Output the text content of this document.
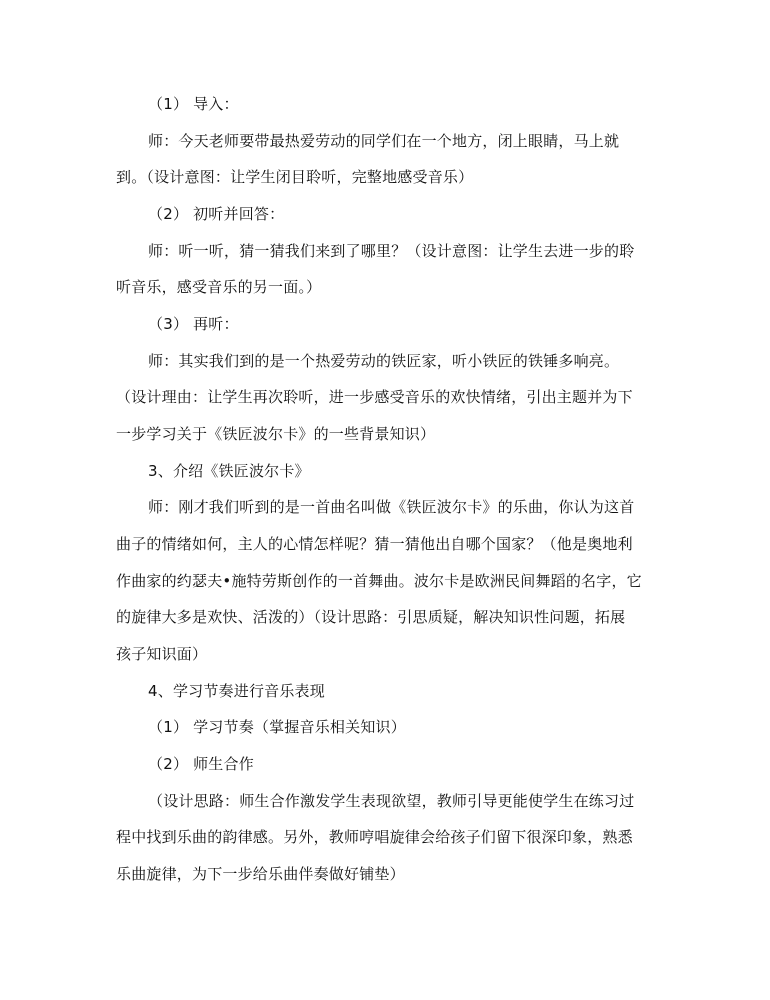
（1） 导入：
师：今天老师要带最热爱劳动的同学们在一个地方，闭上眼睛，马上就
到。（设计意图：让学生闭目聆听，完整地感受音乐）
（2） 初听并回答：
师：听一听，猜一猜我们来到了哪里？（设计意图：让学生去进一步的聆
听音乐，感受音乐的另一面。）
（3） 再听：
师：其实我们到的是一个热爱劳动的铁匠家，听小铁匠的铁锤多响亮。
（设计理由：让学生再次聆听，进一步感受音乐的欢快情绪，引出主题并为下
一步学习关于《铁匠波尔卡》的一些背景知识）
3、介绍《铁匠波尔卡》
师：刚才我们听到的是一首曲名叫做《铁匠波尔卡》的乐曲，你认为这首
曲子的情绪如何，主人的心情怎样呢？猜一猜他出自哪个国家？（他是奥地利
作曲家的约瑟夫•施特劳斯创作的一首舞曲。波尔卡是欧洲民间舞蹈的名字，它
的旋律大多是欢快、活泼的）（设计思路：引思质疑，解决知识性问题，拓展
孩子知识面）
4、学习节奏进行音乐表现
（1） 学习节奏（掌握音乐相关知识）
（2） 师生合作
（设计思路：师生合作激发学生表现欲望，教师引导更能使学生在练习过
程中找到乐曲的韵律感。另外，教师哼唱旋律会给孩子们留下很深印象，熟悉
乐曲旋律，为下一步给乐曲伴奏做好铺垫）
